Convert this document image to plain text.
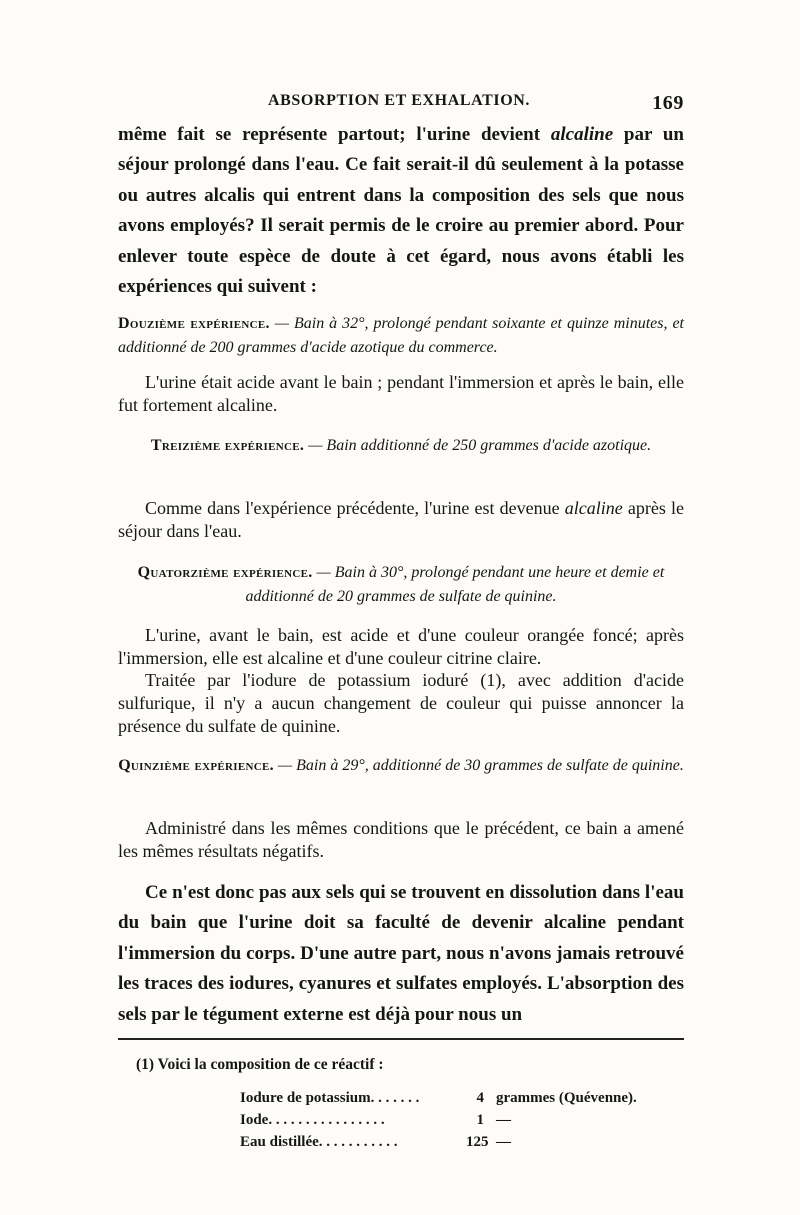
ABSORPTION ET EXHALATION.	169

même fait se représente partout; l'urine devient alcaline par un séjour prolongé dans l'eau. Ce fait serait-il dû seulement à la potasse ou autres alcalis qui entrent dans la composition des sels que nous avons employés? Il serait permis de le croire au premier abord. Pour enlever toute espèce de doute à cet égard, nous avons établi les expériences qui suivent :

Douzième expérience. — Bain à 32°, prolongé pendant soixante et quinze minutes, et additionné de 200 grammes d'acide azotique du commerce.

L'urine était acide avant le bain ; pendant l'immersion et après le bain, elle fut fortement alcaline.

Treizième expérience. — Bain additionné de 250 grammes d'acide azotique.

Comme dans l'expérience précédente, l'urine est devenue alcaline après le séjour dans l'eau.

Quatorzième expérience. — Bain à 30°, prolongé pendant une heure et demie et additionné de 20 grammes de sulfate de quinine.

L'urine, avant le bain, est acide et d'une couleur orangée foncé; après l'immersion, elle est alcaline et d'une couleur citrine claire.

Traitée par l'iodure de potassium ioduré (1), avec addition d'acide sulfurique, il n'y a aucun changement de couleur qui puisse annoncer la présence du sulfate de quinine.

Quinzième expérience. — Bain à 29°, additionné de 30 grammes de sulfate de quinine.

Administré dans les mêmes conditions que le précédent, ce bain a amené les mêmes résultats négatifs.

Ce n'est donc pas aux sels qui se trouvent en dissolution dans l'eau du bain que l'urine doit sa faculté de devenir alcaline pendant l'immersion du corps. D'une autre part, nous n'avons jamais retrouvé les traces des iodures, cyanures et sulfates employés. L'absorption des sels par le tégument externe est déjà pour nous un

(1) Voici la composition de ce réactif :
Iodure de potassium. . . . . . .	4 grammes (Quévenne).
Iode. . . . . . . . . . . . . . . .	1 —
Eau distillée. . . . . . . . . . .	125 —
